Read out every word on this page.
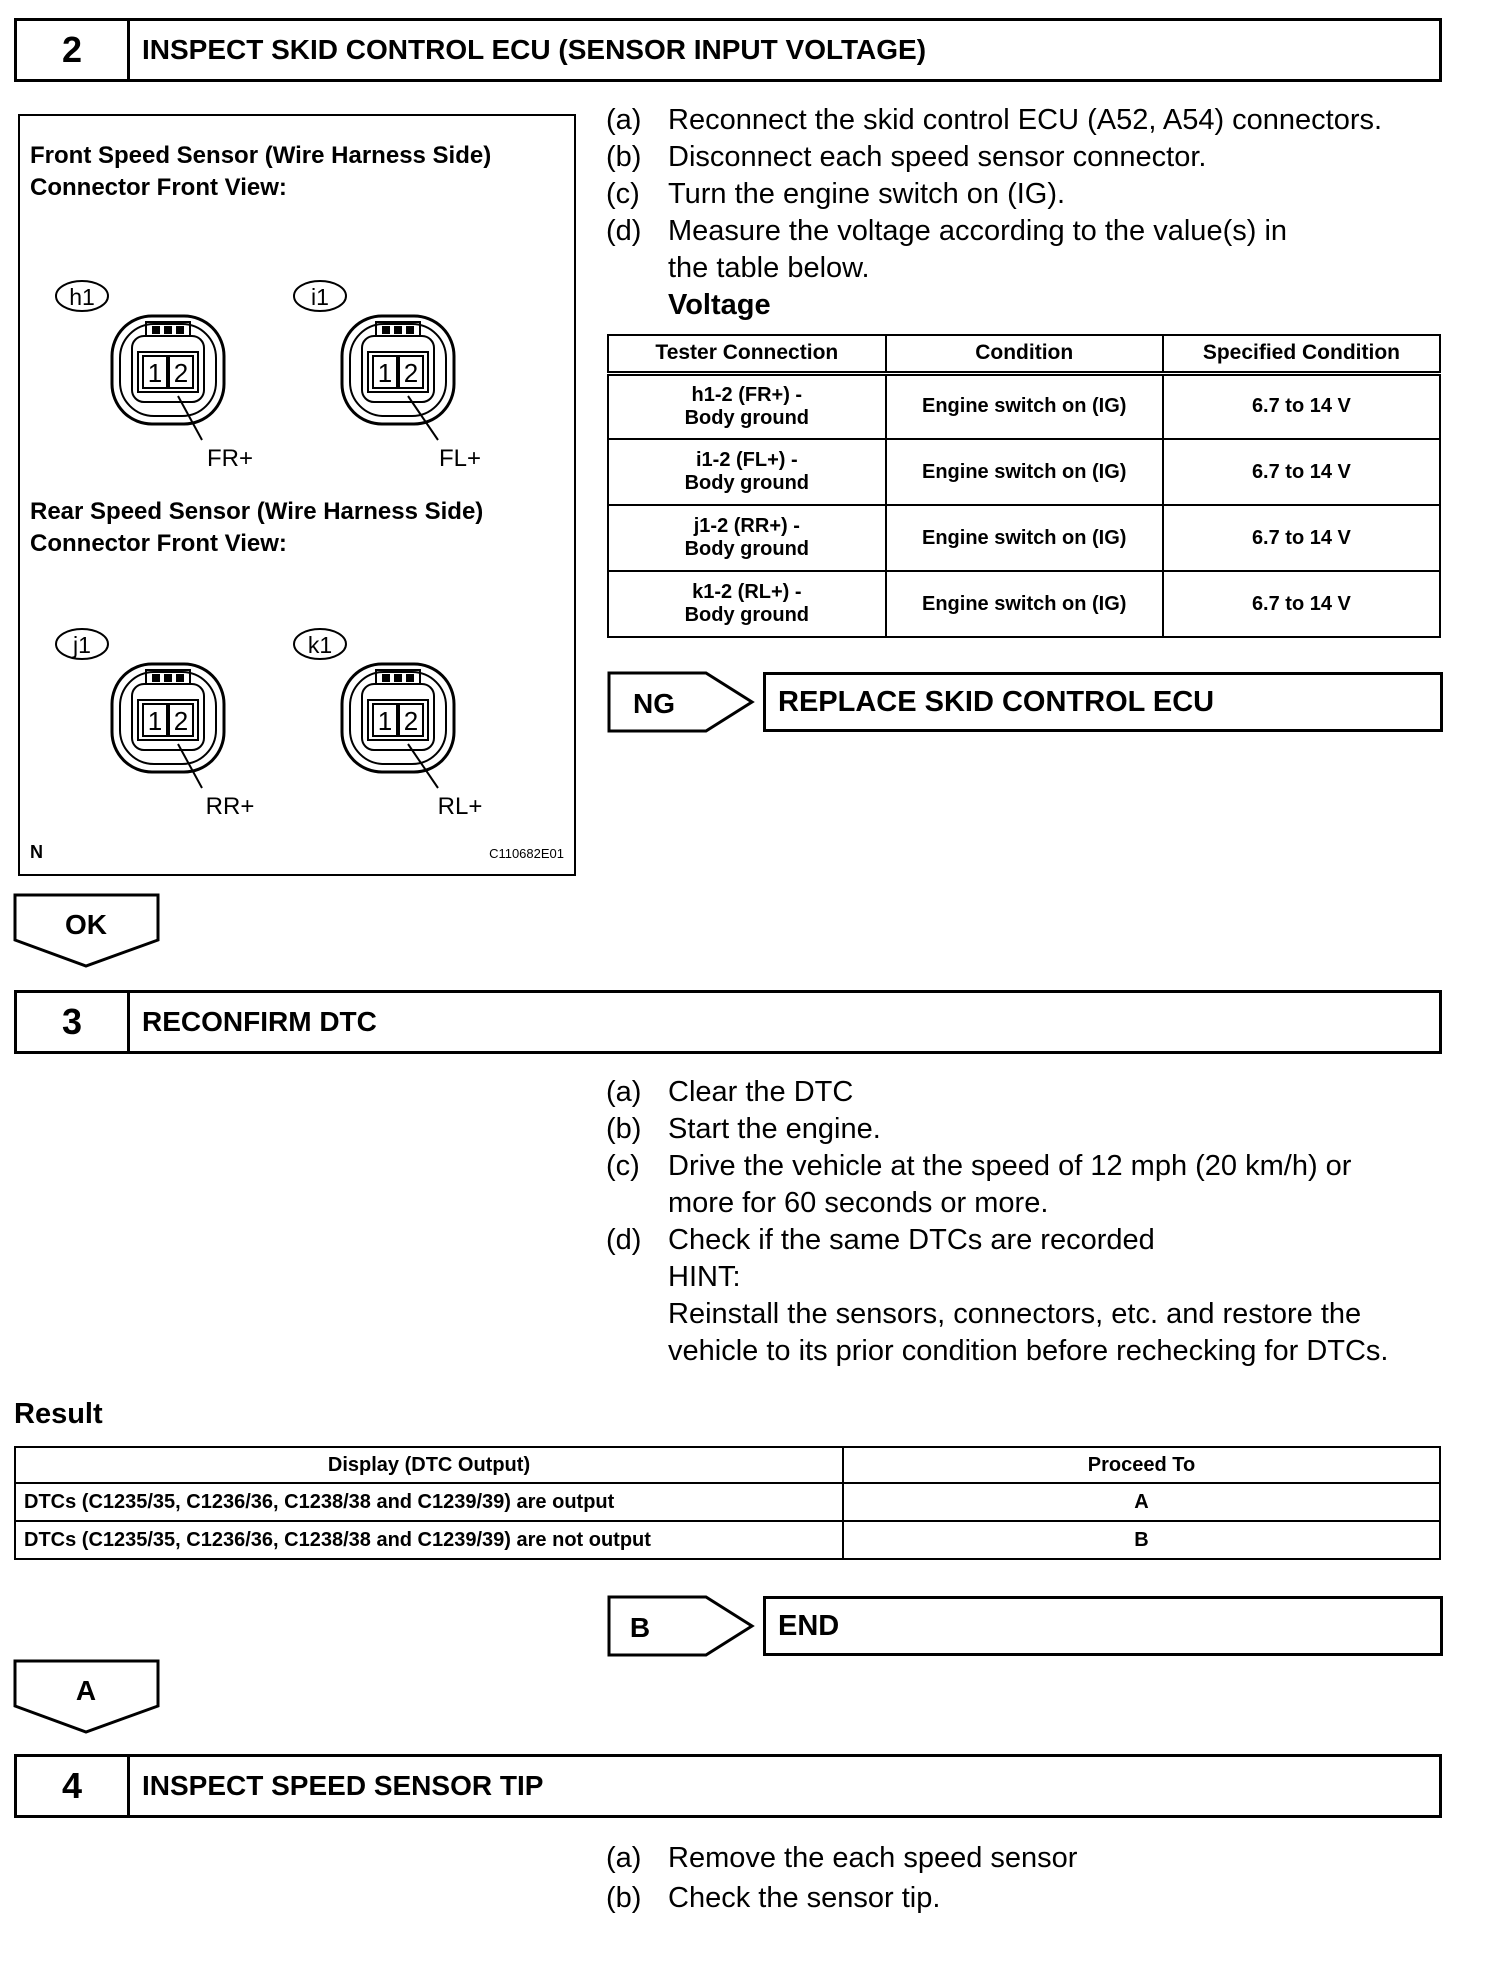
2	INSPECT SKID CONTROL ECU (SENSOR INPUT VOLTAGE)
Front Speed Sensor (Wire Harness Side)
Connector Front View:
Rear Speed Sensor (Wire Harness Side)
Connector Front View:
h1
1 2
FR+
i1
1 2
FL+
j1
1 2
RR+
k1
1 2
RL+
N	C110682E01
(a) Reconnect the skid control ECU (A52, A54) connectors.
(b) Disconnect each speed sensor connector.
(c) Turn the engine switch on (IG).
(d) Measure the voltage according to the value(s) in the table below.
Voltage
Tester Connection	Condition	Specified Condition

h1-2 (FR+) -
Body ground	Engine switch on (IG)	6.7 to 14 V

i1-2 (FL+) -
Body ground	Engine switch on (IG)	6.7 to 14 V

j1-2 (RR+) -
Body ground	Engine switch on (IG)	6.7 to 14 V

k1-2 (RL+) -
Body ground	Engine switch on (IG)	6.7 to 14 V
NG	REPLACE SKID CONTROL ECU
OK
3	RECONFIRM DTC
(a) Clear the DTC
(b) Start the engine.
(c) Drive the vehicle at the speed of 12 mph (20 km/h) or more for 60 seconds or more.
(d) Check if the same DTCs are recorded
HINT:
Reinstall the sensors, connectors, etc. and restore the vehicle to its prior condition before rechecking for DTCs.
Result
Display (DTC Output)	Proceed To
DTCs (C1235/35, C1236/36, C1238/38 and C1239/39) are output	A
DTCs (C1235/35, C1236/36, C1238/38 and C1239/39) are not output	B
B	END
A
4	INSPECT SPEED SENSOR TIP
(a) Remove the each speed sensor
(b) Check the sensor tip.
